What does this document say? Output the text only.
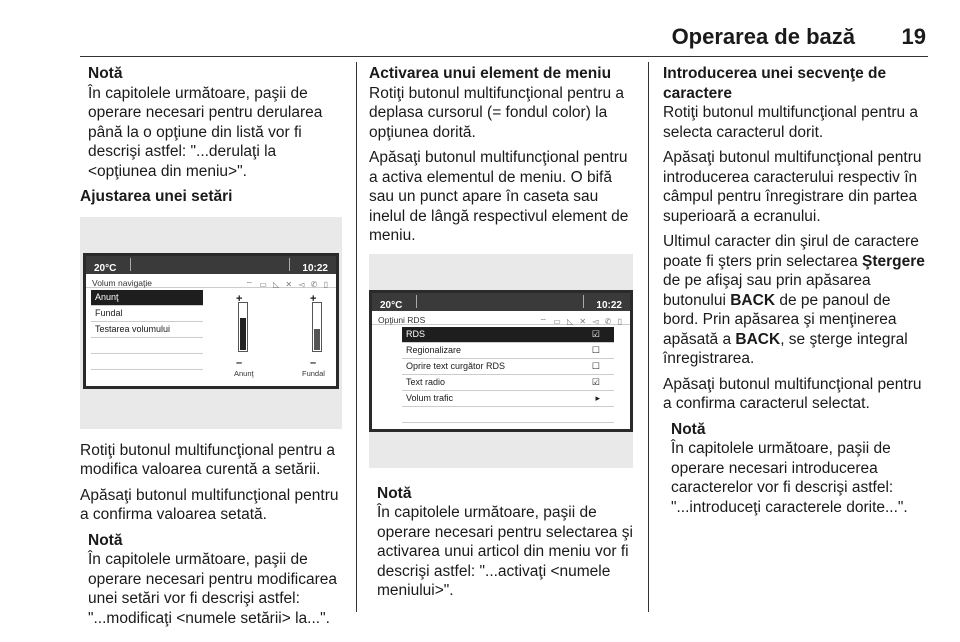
Operarea de bază 19
Notă

În capitolele următoare, paşii de operare necesari pentru derularea până la o opţiune din listă vor fi descrişi astfel: "...derulaţi la <opţiunea din meniu>".

Ajustarea unei setări
20°C	10:22
Volum navigaţie	⌔ ▭ ◺ ✕ ◅ ✆ ▯
Anunţ
Fundal
Testarea volumului
+
–
+
–
Anunţ	Fundal

Rotiţi butonul multifuncţional pentru a modifica valoarea curentă a setării.

Apăsaţi butonul multifuncţional pentru a confirma valoarea setată.

Notă

În capitolele următoare, paşii de operare necesari pentru modificarea unei setări vor fi descrişi astfel: "...modificaţi <numele setării> la...".

Activarea unui element de meniu

Rotiţi butonul multifuncţional pentru a deplasa cursorul (= fondul color) la opţiunea dorită.

Apăsaţi butonul multifuncţional pentru a activa elementul de meniu. O bifă sau un punct apare în caseta sau inelul de lângă respectivul element de meniu.

20°C	10:22
Opţiuni RDS	⌔ ▭ ◺ ✕ ◅ ✆ ▯
RDS	☑
Regionalizare	☐
Oprire text curgător RDS	☐
Text radio	☑
Volum trafic	▸
Notă

În capitolele următoare, paşii de operare necesari pentru selectarea şi activarea unui articol din meniu vor fi descrişi astfel: "...activaţi <numele meniului>".

Introducerea unei secvenţe de caractere

Rotiţi butonul multifuncţional pentru a selecta caracterul dorit.

Apăsaţi butonul multifuncţional pentru introducerea caracterului respectiv în câmpul pentru înregistrare din partea superioară a ecranului.

Ultimul caracter din şirul de caractere poate fi şters prin selectarea Ştergere de pe afişaj sau prin apăsarea butonului BACK de pe panoul de bord. Prin apăsarea şi menţinerea apăsată a BACK, se şterge integral înregistrarea.

Apăsaţi butonul multifuncţional pentru a confirma caracterul selectat.

Notă

În capitolele următoare, paşii de operare necesari introducerea caracterelor vor fi descrişi astfel: "...introduceţi caracterele dorite...".
